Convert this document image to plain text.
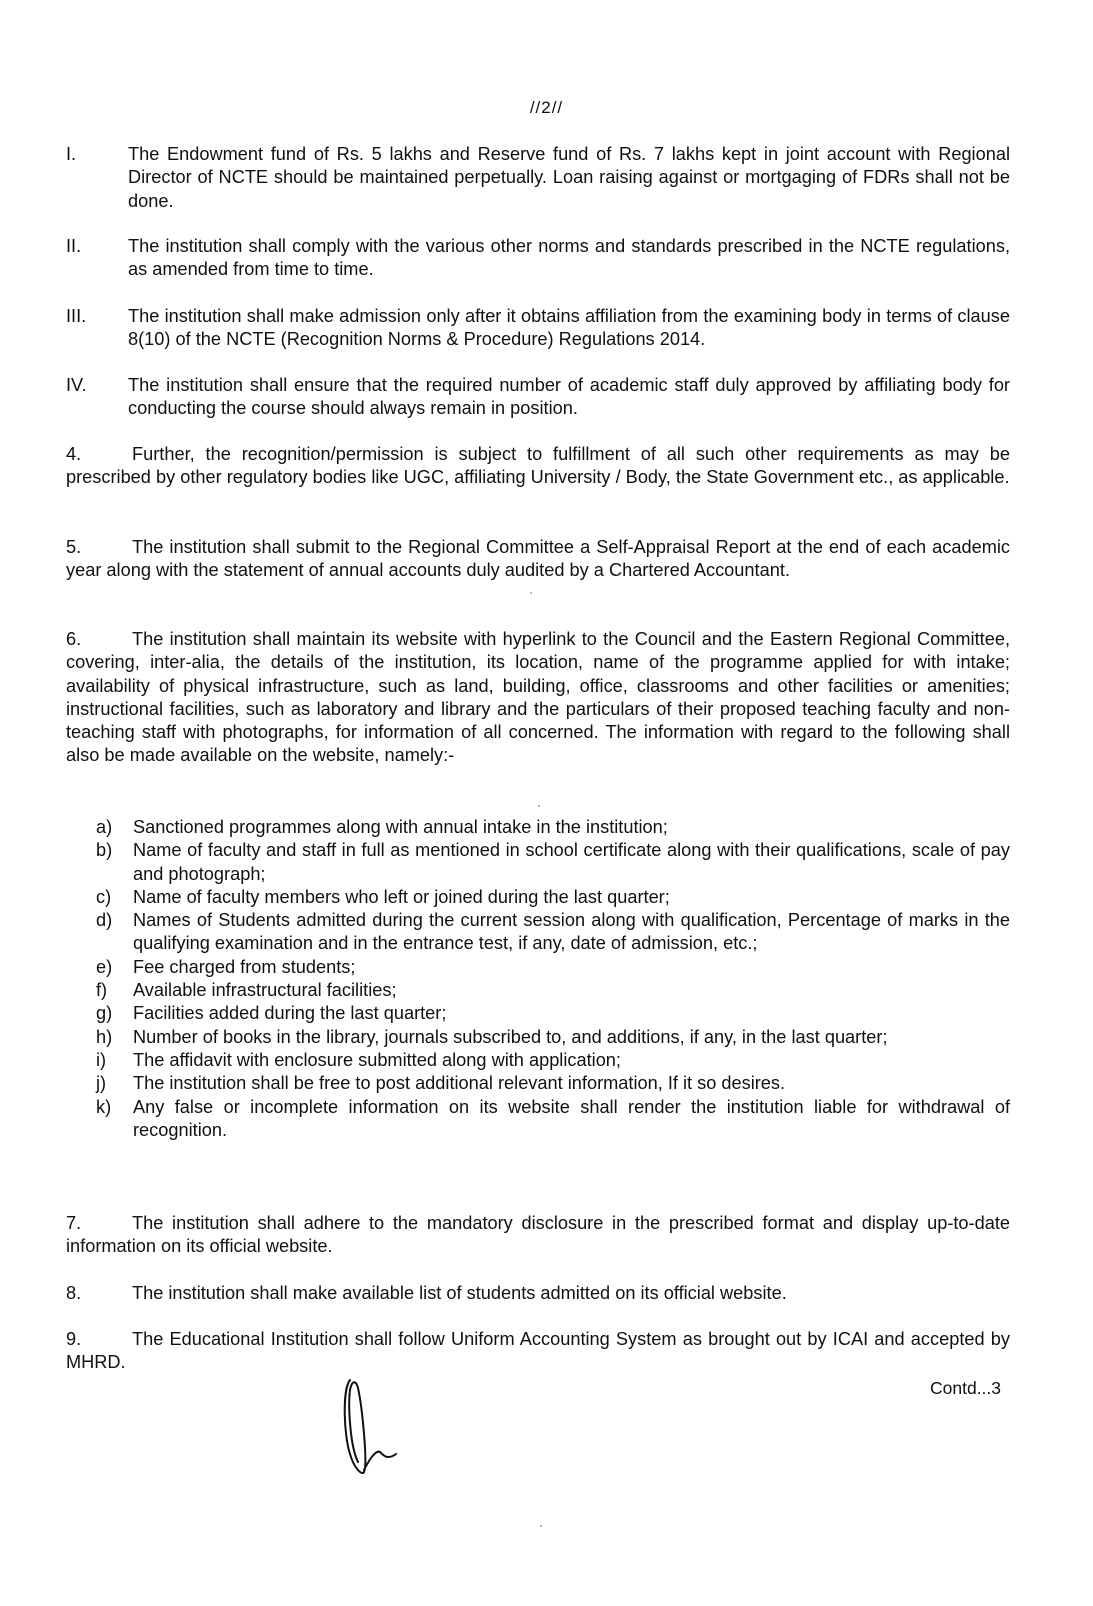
//2//
I.	The Endowment fund of Rs. 5 lakhs and Reserve fund of Rs. 7 lakhs kept in joint account with Regional Director of NCTE should be maintained perpetually. Loan raising against or mortgaging of FDRs shall not be done.
II.	The institution shall comply with the various other norms and standards prescribed in the NCTE regulations, as amended from time to time.
III.	The institution shall make admission only after it obtains affiliation from the examining body in terms of clause 8(10) of the NCTE (Recognition Norms & Procedure) Regulations 2014.
IV.	The institution shall ensure that the required number of academic staff duly approved by affiliating body for conducting the course should always remain in position.
4.	Further, the recognition/permission is subject to fulfillment of all such other requirements as may be prescribed by other regulatory bodies like UGC, affiliating University / Body, the State Government etc., as applicable.
5.	The institution shall submit to the Regional Committee a Self-Appraisal Report at the end of each academic year along with the statement of annual accounts duly audited by a Chartered Accountant.
6.	The institution shall maintain its website with hyperlink to the Council and the Eastern Regional Committee, covering, inter-alia, the details of the institution, its location, name of the programme applied for with intake; availability of physical infrastructure, such as land, building, office, classrooms and other facilities or amenities; instructional facilities, such as laboratory and library and the particulars of their proposed teaching faculty and non-teaching staff with photographs, for information of all concerned. The information with regard to the following shall also be made available on the website, namely:-
a)	Sanctioned programmes along with annual intake in the institution;
b)	Name of faculty and staff in full as mentioned in school certificate along with their qualifications, scale of pay and photograph;
c)	Name of faculty members who left or joined during the last quarter;
d)	Names of Students admitted during the current session along with qualification, Percentage of marks in the qualifying examination and in the entrance test, if any, date of admission, etc.;
e)	Fee charged from students;
f)	Available infrastructural facilities;
g)	Facilities added during the last quarter;
h)	Number of books in the library, journals subscribed to, and additions, if any, in the last quarter;
i)	The affidavit with enclosure submitted along with application;
j)	The institution shall be free to post additional relevant information, If it so desires.
k)	Any false or incomplete information on its website shall render the institution liable for withdrawal of recognition.
7.	The institution shall adhere to the mandatory disclosure in the prescribed format and display up-to-date information on its official website.
8.	The institution shall make available list of students admitted on its official website.
9.	The Educational Institution shall follow Uniform Accounting System as brought out by ICAI and accepted by MHRD.
Contd...3
